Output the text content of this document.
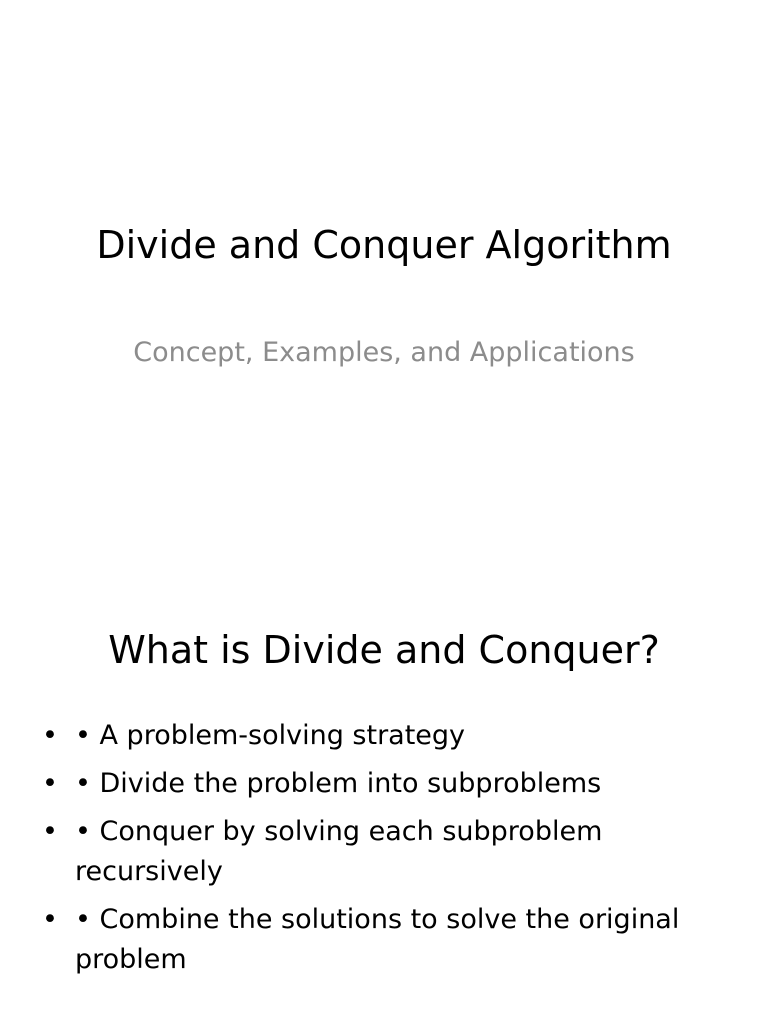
Divide and Conquer Algorithm
Concept, Examples, and Applications
What is Divide and Conquer?
• • A problem-solving strategy
• • Divide the problem into subproblems
• • Conquer by solving each subproblem recursively
• • Combine the solutions to solve the original problem
